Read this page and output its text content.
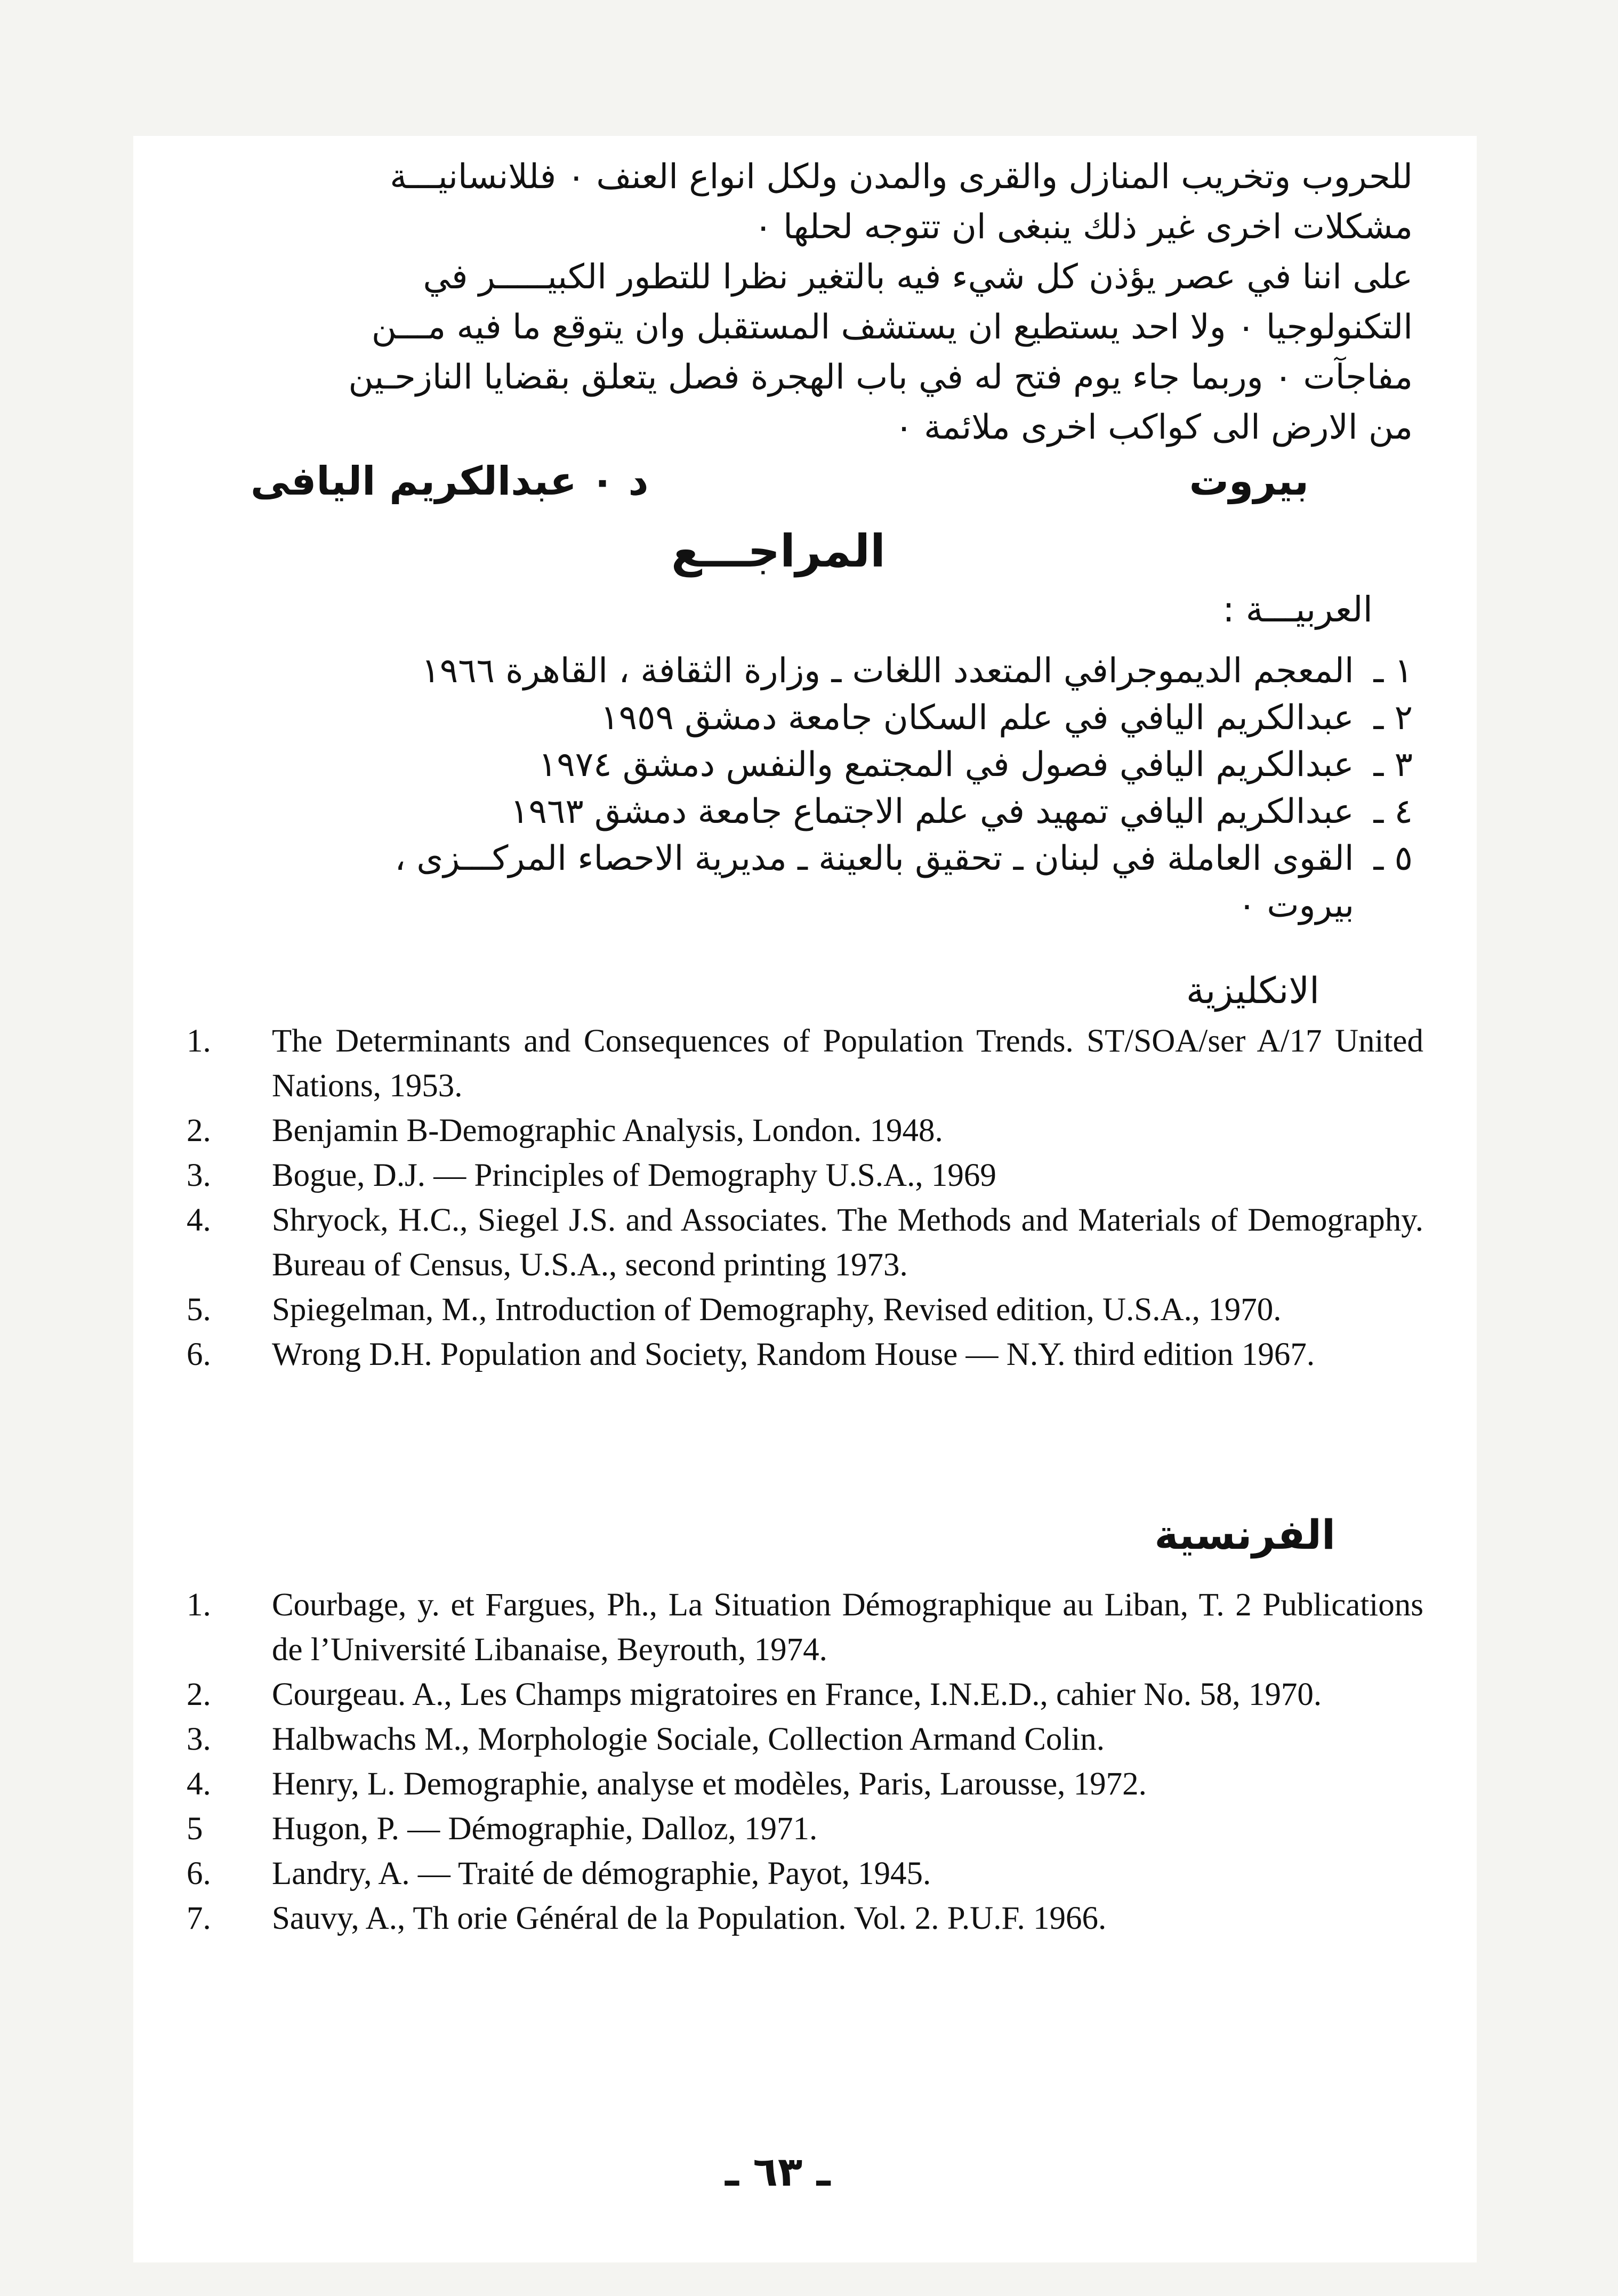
للحروب وتخريب المنازل والقرى والمدن ولكل انواع العنف ٠ فللانسانيـــة
مشكلات اخرى غير ذلك ينبغى ان تتوجه لحلها ٠
على اننا في عصر يؤذن كل شيء فيه بالتغير نظرا للتطور الكبيـــــر في
التكنولوجيا ٠ ولا احد يستطيع ان يستشف المستقبل وان يتوقع ما فيه مـــن
مفاجآت ٠ وربما جاء يوم فتح له في باب الهجرة فصل يتعلق بقضايا النازحـين
من الارض الى كواكب اخرى ملائمة ٠
بيروت
د ٠ عبدالكريم اليافى
المراجـــع
العربيـــة :
١ ـ المعجم الديموجرافي المتعدد اللغات ـ وزارة الثقافة ، القاهرة ١٩٦٦
٢ ـ عبدالكريم اليافي في علم السكان جامعة دمشق ١٩٥٩
٣ ـ عبدالكريم اليافي فصول في المجتمع والنفس دمشق ١٩٧٤
٤ ـ عبدالكريم اليافي تمهيد في علم الاجتماع جامعة دمشق ١٩٦٣
٥ ـ القوى العاملة في لبنان ـ تحقيق بالعينة ـ مديرية الاحصاء المركـــزى ،
بيروت ٠
الانكليزية
1.	The Determinants and Consequences of Population Trends. ST/SOA/ser A/17 United Nations, 1953.
2.	Benjamin B-Demographic Analysis, London. 1948.
3.	Bogue, D.J. — Principles of Demography U.S.A., 1969
4.	Shryock, H.C., Siegel J.S. and Associates. The Methods and Materials of Demography. Bureau of Census, U.S.A., second printing 1973.
5.	Spiegelman, M., Introduction of Demography, Revised edition, U.S.A., 1970.
6.	Wrong D.H. Population and Society, Random House — N.Y. third edition 1967.
الفرنسية
1.	Courbage, y. et Fargues, Ph., La Situation Démographique au Liban, T. 2 Publications de l’Université Libanaise, Beyrouth, 1974.
2.	Courgeau. A., Les Champs migratoires en France, I.N.E.D., cahier No. 58, 1970.
3.	Halbwachs M., Morphologie Sociale, Collection Armand Colin.
4.	Henry, L. Demographie, analyse et modèles, Paris, Larousse, 1972.
5	Hugon, P. — Démographie, Dalloz, 1971.
6.	Landry, A. — Traité de démographie, Payot, 1945.
7.	Sauvy, A., Th orie Général de la Population. Vol. 2. P.U.F. 1966.
ـ ٦٣ ـ
